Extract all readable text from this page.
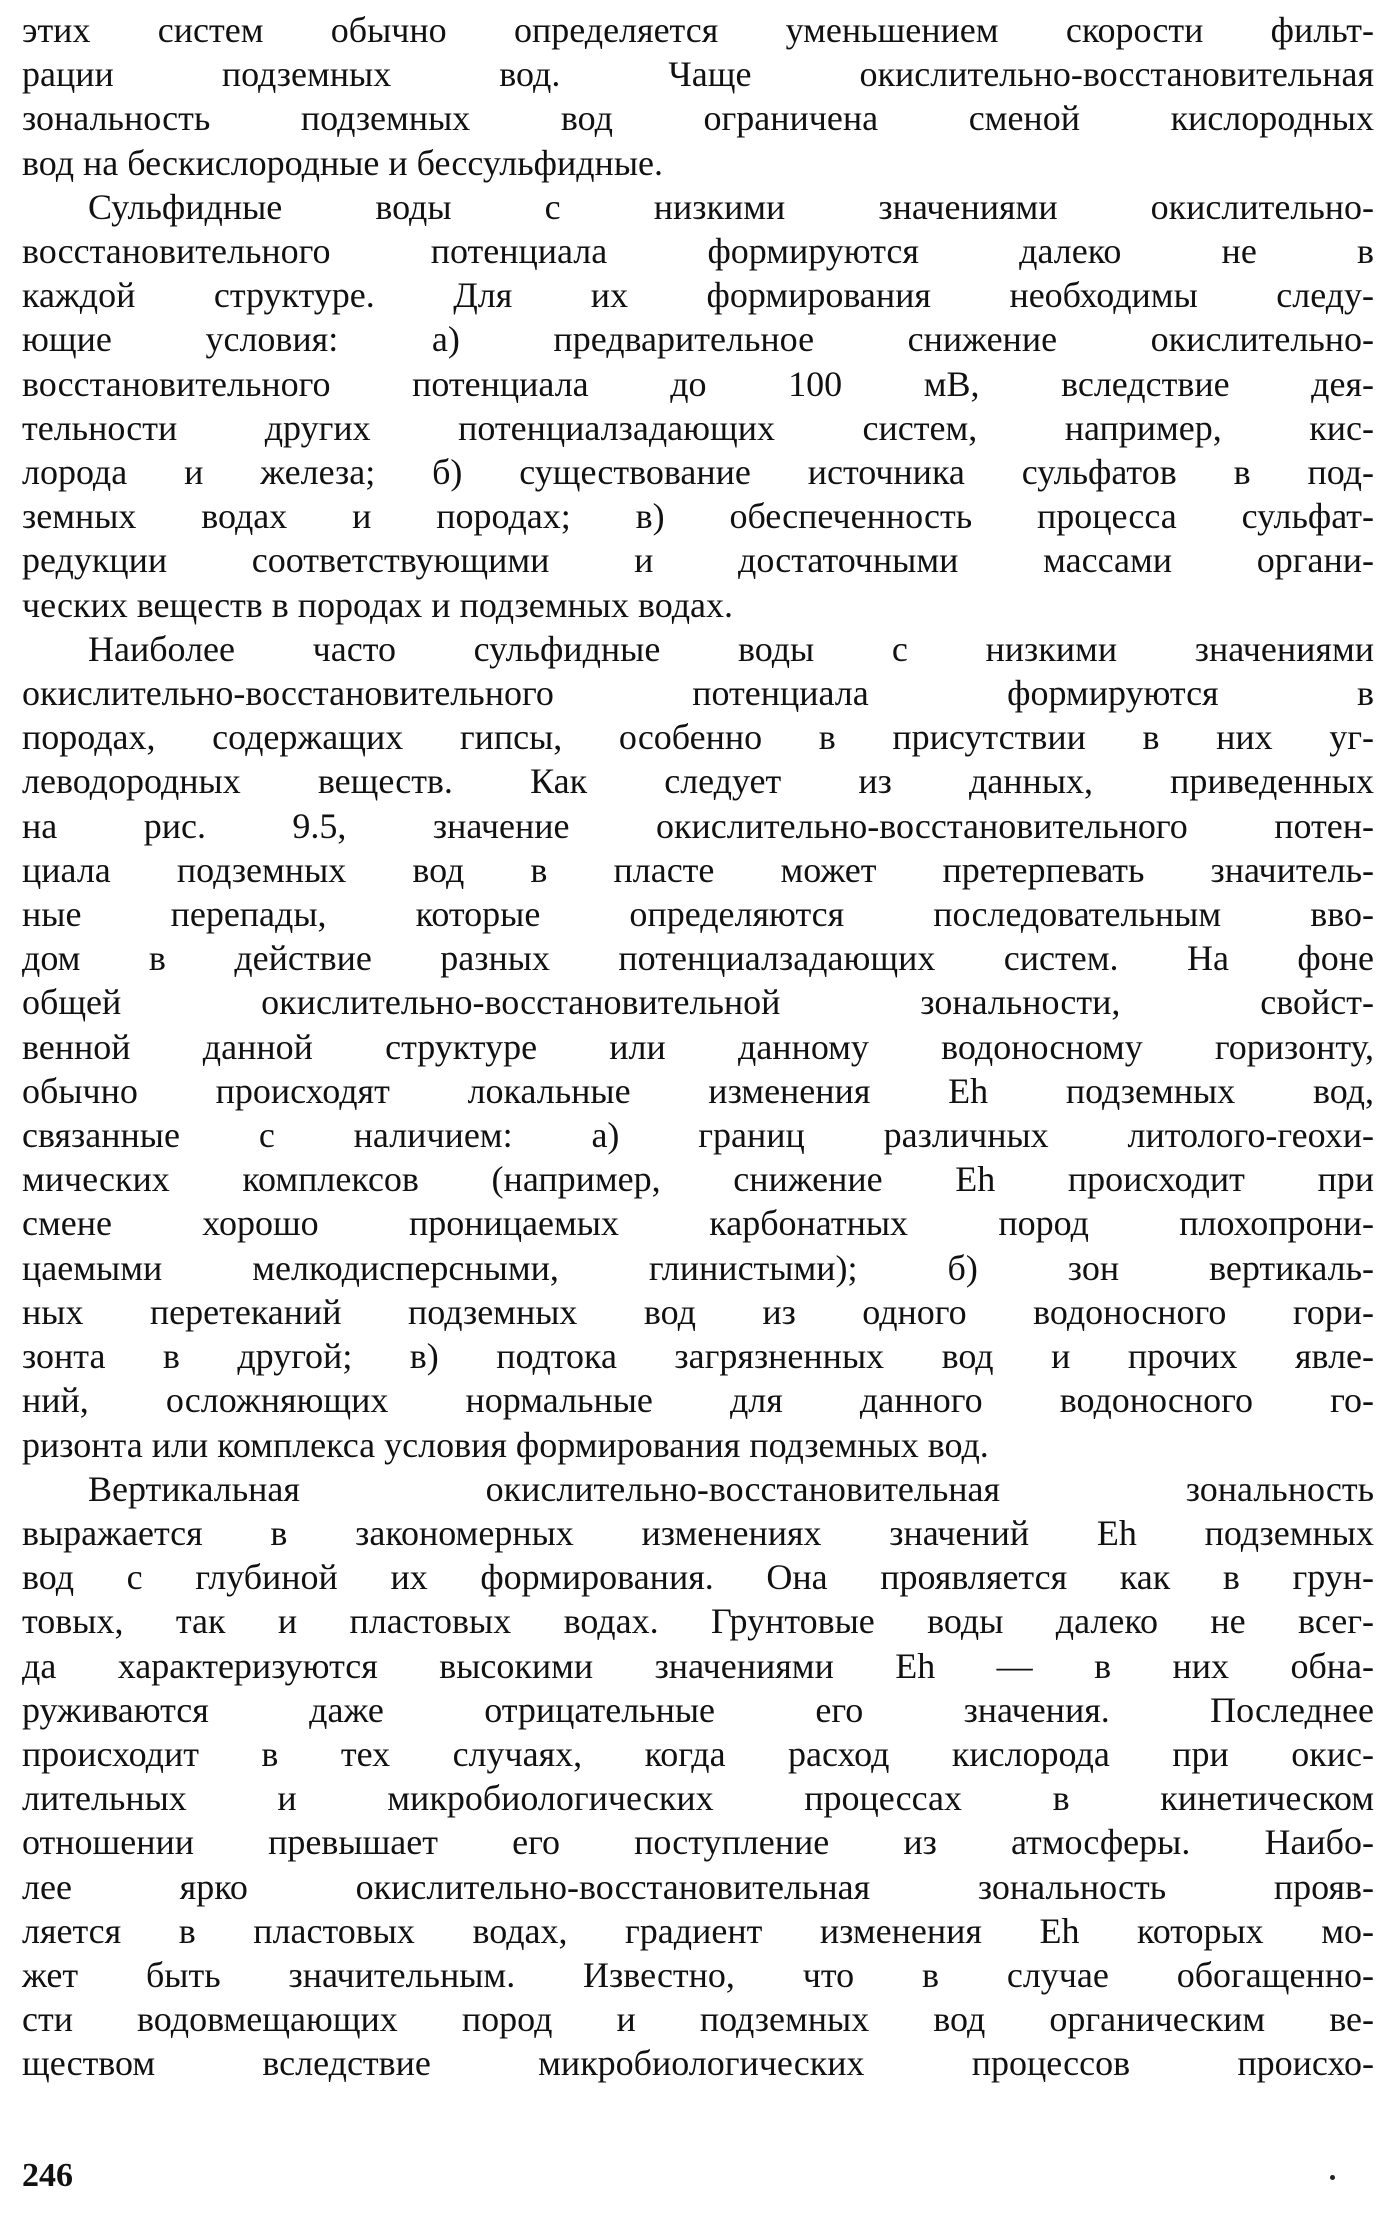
этих систем обычно определяется уменьшением скорости фильт-
рации подземных вод. Чаще окислительно-восстановительная
зональность подземных вод ограничена сменой кислородных
вод на бескислородные и бессульфидные.
Сульфидные воды с низкими значениями окислительно-
восстановительного потенциала формируются далеко не в
каждой структуре. Для их формирования необходимы следу-
ющие условия: а) предварительное снижение окислительно-
восстановительного потенциала до 100 мВ, вследствие дея-
тельности других потенциалзадающих систем, например, кис-
лорода и железа; б) существование источника сульфатов в под-
земных водах и породах; в) обеспеченность процесса сульфат-
редукции соответствующими и достаточными массами органи-
ческих веществ в породах и подземных водах.
Наиболее часто сульфидные воды с низкими значениями
окислительно-восстановительного потенциала формируются в
породах, содержащих гипсы, особенно в присутствии в них уг-
леводородных веществ. Как следует из данных, приведенных
на рис. 9.5, значение окислительно-восстановительного потен-
циала подземных вод в пласте может претерпевать значитель-
ные перепады, которые определяются последовательным вво-
дом в действие разных потенциалзадающих систем. На фоне
общей окислительно-восстановительной зональности, свойст-
венной данной структуре или данному водоносному горизонту,
обычно происходят локальные изменения Eh подземных вод,
связанные с наличием: а) границ различных литолого-геохи-
мических комплексов (например, снижение Eh происходит при
смене хорошо проницаемых карбонатных пород плохопрони-
цаемыми мелкодисперсными, глинистыми); б) зон вертикаль-
ных перетеканий подземных вод из одного водоносного гори-
зонта в другой; в) подтока загрязненных вод и прочих явле-
ний, осложняющих нормальные для данного водоносного го-
ризонта или комплекса условия формирования подземных вод.
Вертикальная окислительно-восстановительная зональность
выражается в закономерных изменениях значений Eh подземных
вод с глубиной их формирования. Она проявляется как в грун-
товых, так и пластовых водах. Грунтовые воды далеко не всег-
да характеризуются высокими значениями Eh — в них обна-
руживаются даже отрицательные его значения. Последнее
происходит в тех случаях, когда расход кислорода при окис-
лительных и микробиологических процессах в кинетическом
отношении превышает его поступление из атмосферы. Наибо-
лее ярко окислительно-восстановительная зональность прояв-
ляется в пластовых водах, градиент изменения Eh которых мо-
жет быть значительным. Известно, что в случае обогащенно-
сти водовмещающих пород и подземных вод органическим ве-
ществом вследствие микробиологических процессов происхо-
246
